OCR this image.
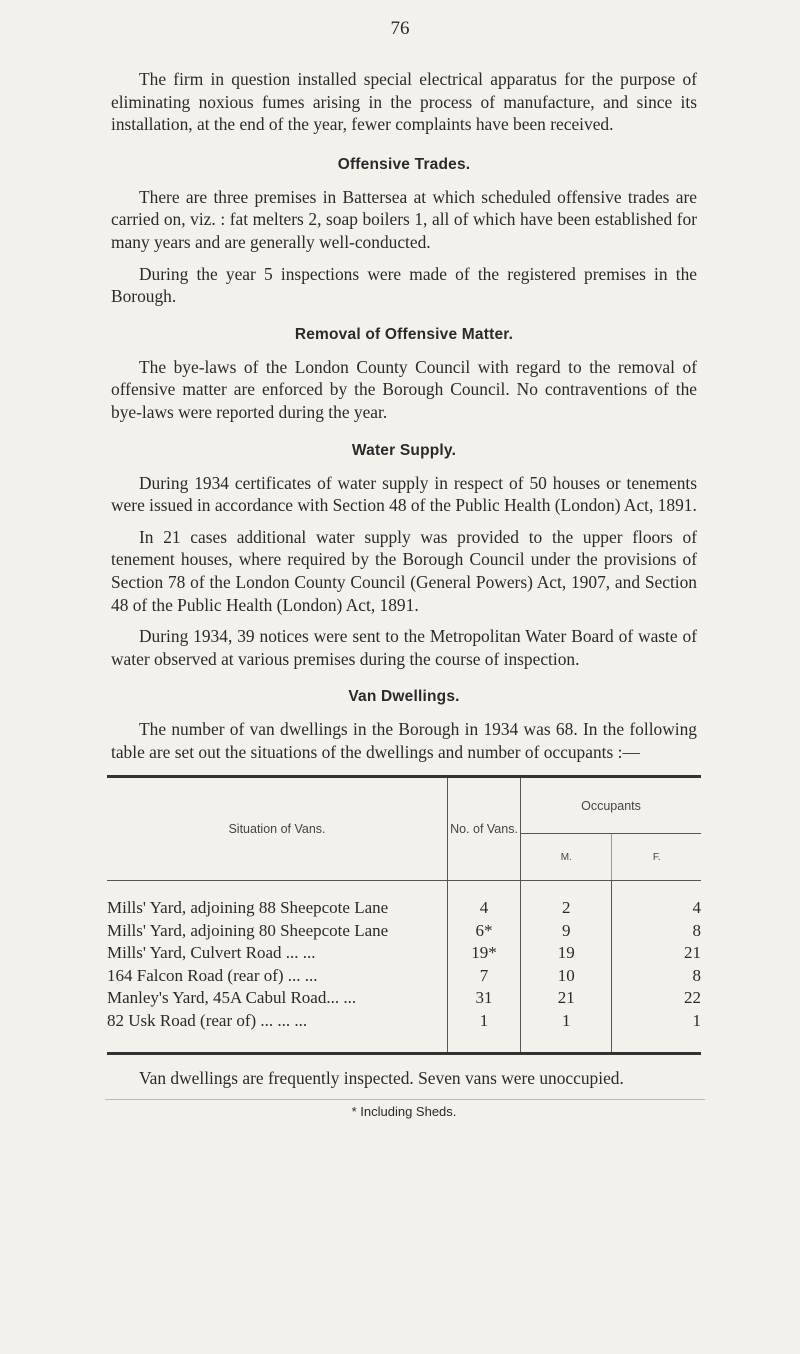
76

The firm in question installed special electrical apparatus for the purpose of eliminating noxious fumes arising in the process of manufacture, and since its installation, at the end of the year, fewer complaints have been received.

Offensive Trades.

There are three premises in Battersea at which scheduled offensive trades are carried on, viz. : fat melters 2, soap boilers 1, all of which have been established for many years and are generally well-conducted.

During the year 5 inspections were made of the registered premises in the Borough.

Removal of Offensive Matter.

The bye-laws of the London County Council with regard to the removal of offensive matter are enforced by the Borough Council. No contraventions of the bye-laws were reported during the year.

Water Supply.

During 1934 certificates of water supply in respect of 50 houses or tenements were issued in accordance with Section 48 of the Public Health (London) Act, 1891.

In 21 cases additional water supply was provided to the upper floors of tenement houses, where required by the Borough Council under the provisions of Section 78 of the London County Council (General Powers) Act, 1907, and Section 48 of the Public Health (London) Act, 1891.

During 1934, 39 notices were sent to the Metropolitan Water Board of waste of water observed at various premises during the course of inspection.

Van Dwellings.

The number of van dwellings in the Borough in 1934 was 68. In the following table are set out the situations of the dwellings and number of occupants :—

Situation of Vans.	No. of Vans.	Occupants	
		M.	F.

Mills' Yard, adjoining 88 Sheepcote Lane	4	2	4
Mills' Yard, adjoining 80 Sheepcote Lane	6*	9	8
Mills' Yard, Culvert Road ... ...	19*	19	21
164 Falcon Road (rear of) ... ...	7	10	8
Manley's Yard, 45A Cabul Road... ...	31	21	22
82 Usk Road (rear of) ... ... ...	1	1	1

Van dwellings are frequently inspected. Seven vans were unoccupied.

* Including Sheds.
